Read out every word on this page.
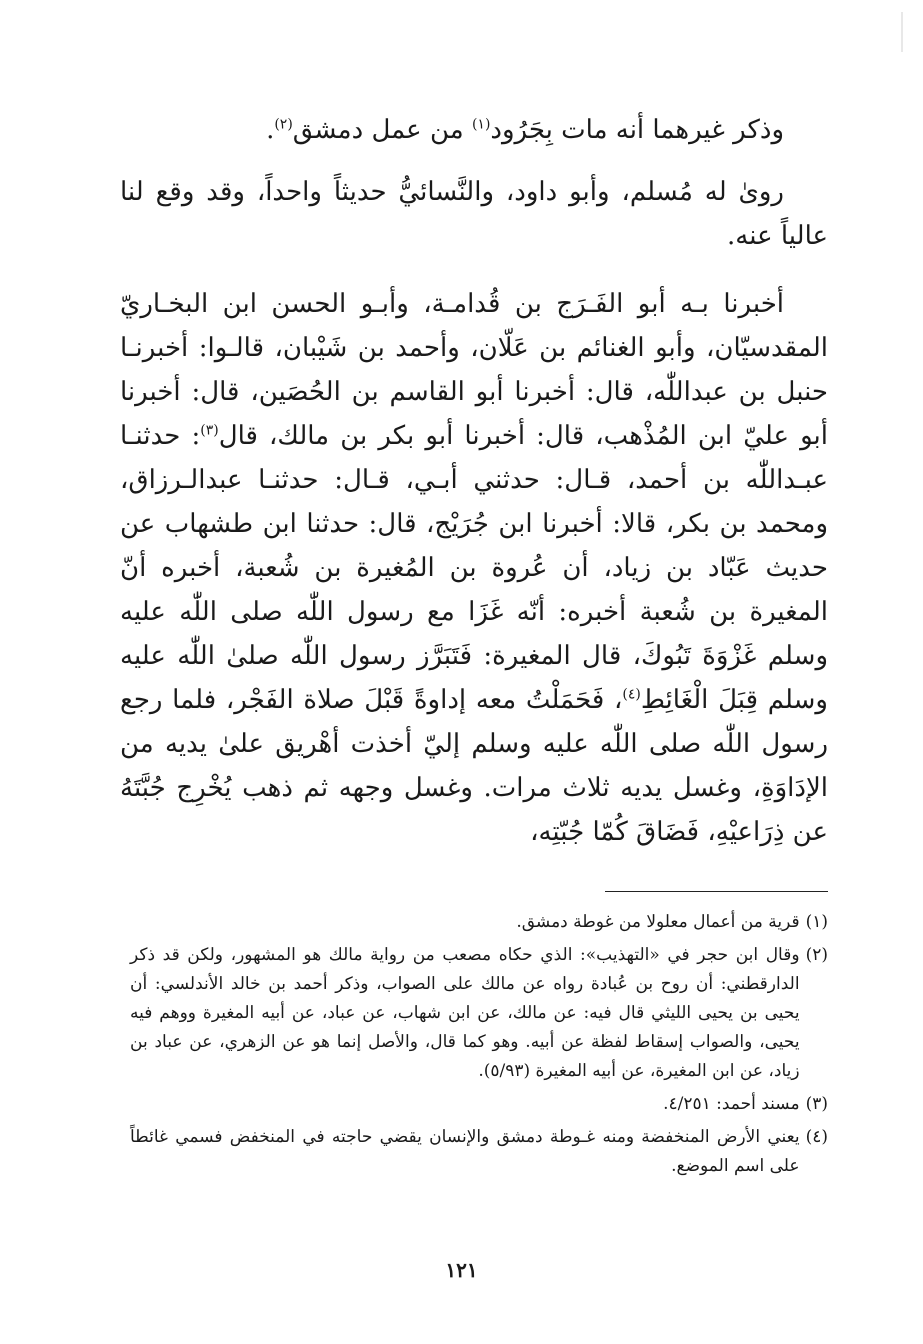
وذكر غيرهما أنه مات بِجَرُود$^{(١)}$ من عمل دمشق$^{(٢)}$.

روىٰ له مُسلم، وأبو داود، والنَّسائيُّ حديثاً واحداً، وقد وقع لنا عالياً عنه.

أخبرنا بـه أبو الفَـرَج بن قُدامـة، وأبـو الحسن ابن البخـاريّ المقدسيّان، وأبو الغنائم بن عَلّان، وأحمد بن شَيْبان، قالـوا: أخبرنـا حنبل بن عبداللّٰه، قال: أخبرنا أبو القاسم بن الحُصَين، قال: أخبرنا أبو عليّ ابن المُذْهب، قال: أخبرنا أبو بكر بن مالك، قال$^{(٣)}$: حدثنـا عبـداللّٰه بن أحمد، قـال: حدثني أبـي، قـال: حدثنـا عبدالـرزاق، ومحمد بن بكر، قالا: أخبرنا ابن جُرَيْج، قال: حدثنا ابن طشهاب عن حديث عَبّاد بن زياد، أن عُروة بن المُغيرة بن شُعبة، أخبره أنّ المغيرة بن شُعبة أخبره: أنّه غَزَا مع رسول اللّٰه صلى اللّٰه عليه وسلم غَزْوَةَ تَبُوكَ، قال المغيرة: فَتَبَرَّز رسول اللّٰه صلىٰ اللّٰه عليه وسلم قِبَلَ الْغَائِطِ$^{(٤)}$، فَحَمَلْتُ معه إداوةً قَبْلَ صلاة الفَجْر، فلما رجع رسول اللّٰه صلى اللّٰه عليه وسلم إليّ أخذت أهْريق علىٰ يديه من الإدَاوَةِ، وغسل يديه ثلاث مرات. وغسل وجهه ثم ذهب يُخْرِج جُبَّتَهُ عن ذِرَاعيْهِ، فَضَاقَ كُمّا جُبّتِه،

(١)
قرية من أعمال معلولا من غوطة دمشق.
(٢)
وقال ابن حجر في «التهذيب»: الذي حكاه مصعب من رواية مالك هو المشهور، ولكن قد ذكر الدارقطني: أن روح بن عُبادة رواه عن مالك على الصواب، وذكر أحمد بن خالد الأندلسي: أن يحيى بن يحيى الليثي قال فيه: عن مالك، عن ابن شهاب، عن عباد، عن أبيه المغيرة ووهم فيه يحيى، والصواب إسقاط لفظة عن أبيه. وهو كما قال، والأصل إنما هو عن الزهري، عن عباد بن زياد، عن ابن المغيرة، عن أبيه المغيرة (٥/٩٣).
(٣)
مسند أحمد: ٤/٢٥١.
(٤)
يعني الأرض المنخفضة ومنه غـوطة دمشق والإنسان يقضي حاجته في المنخفض فسمي غائطاً على اسم الموضع.
١٢١
